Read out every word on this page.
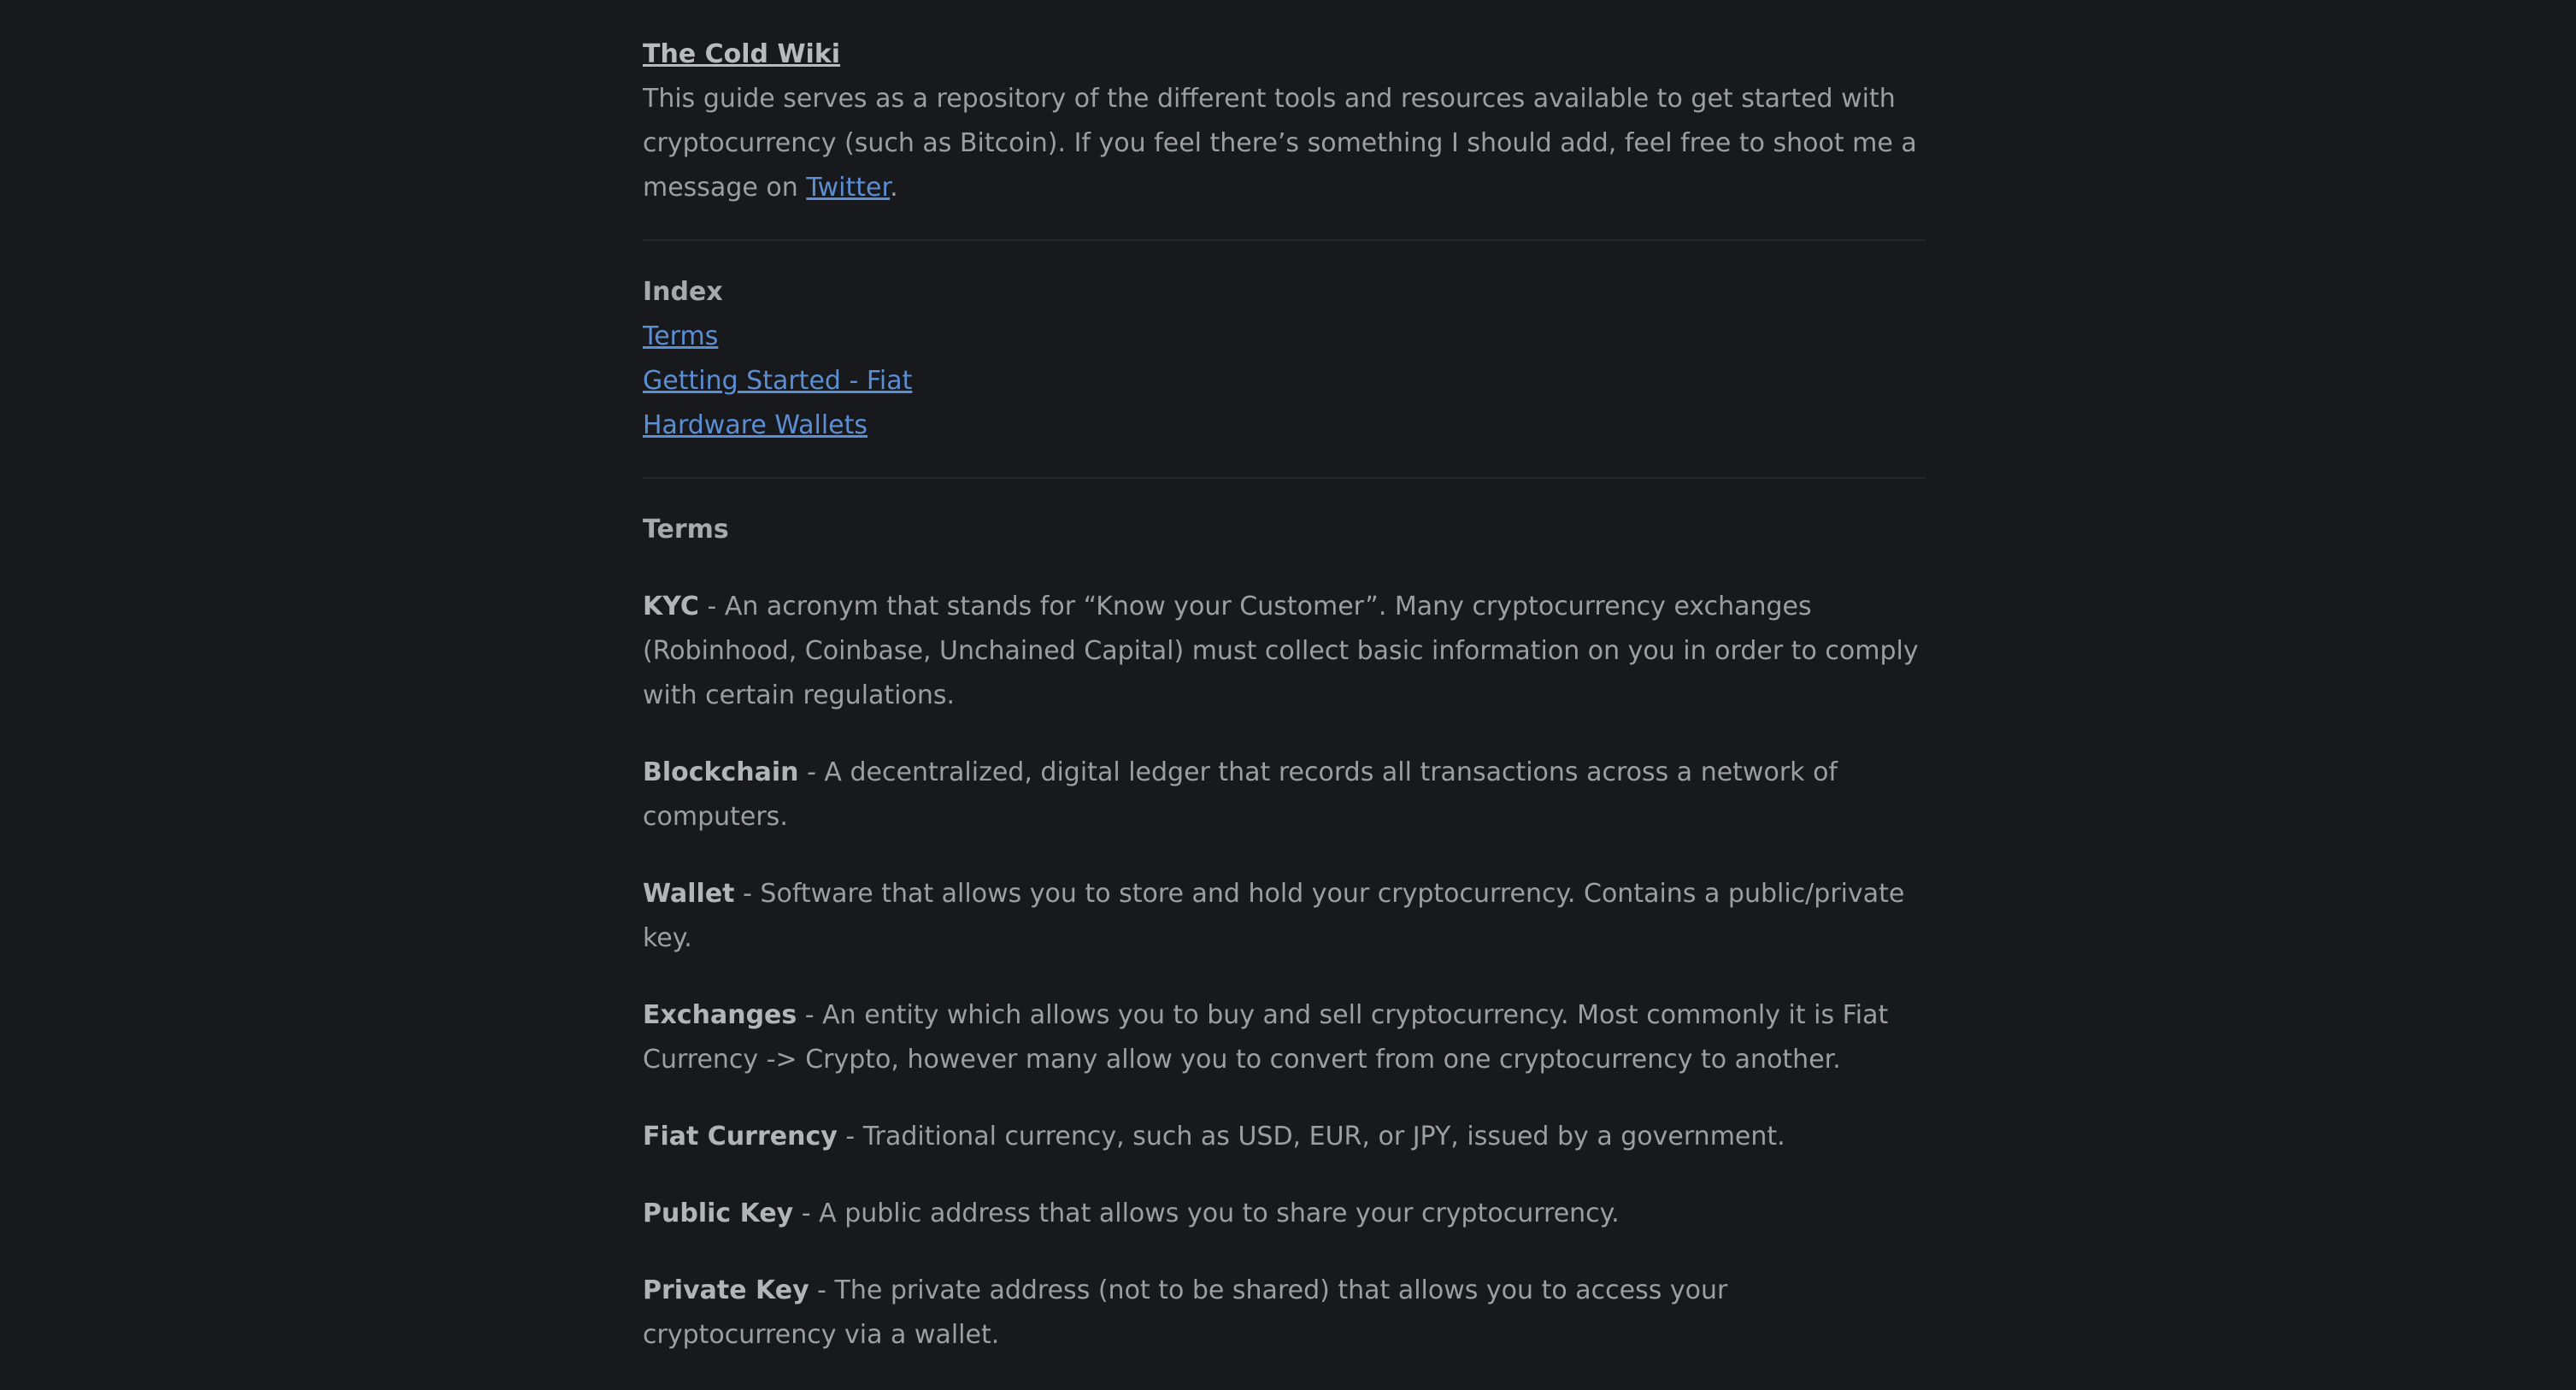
The Cold Wiki

This guide serves as a repository of the different tools and resources available to get started with cryptocurrency (such as Bitcoin). If you feel there’s something I should add, feel free to shoot me a message on Twitter.

Index
Terms
Getting Started - Fiat
Hardware Wallets
Terms

KYC - An acronym that stands for “Know your Customer”. Many cryptocurrency exchanges (Robinhood, Coinbase, Unchained Capital) must collect basic information on you in order to comply with certain regulations.

Blockchain - A decentralized, digital ledger that records all transactions across a network of computers.

Wallet - Software that allows you to store and hold your cryptocurrency. Contains a public/private key.

Exchanges - An entity which allows you to buy and sell cryptocurrency. Most commonly it is Fiat Currency -> Crypto, however many allow you to convert from one cryptocurrency to another.

Fiat Currency - Traditional currency, such as USD, EUR, or JPY, issued by a government.

Public Key - A public address that allows you to share your cryptocurrency.

Private Key - The private address (not to be shared) that allows you to access your cryptocurrency via a wallet.
